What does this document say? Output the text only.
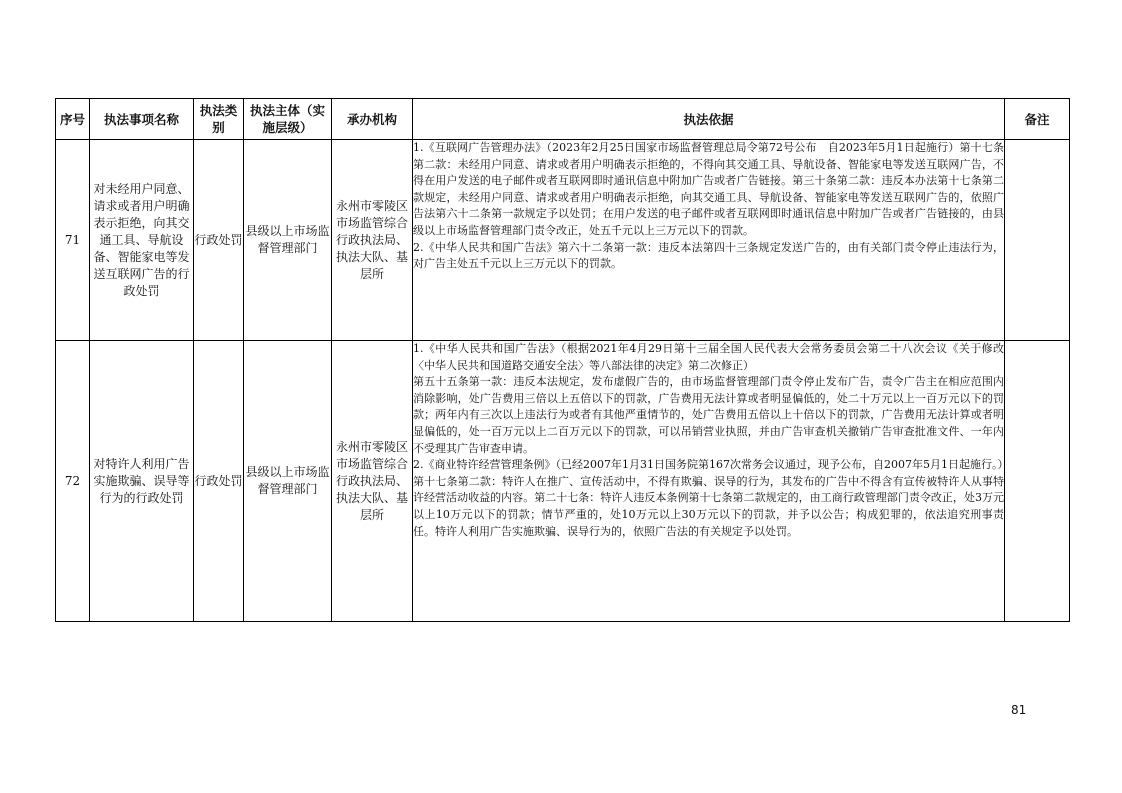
序号	执法事项名称	执法类别	执法主体（实施层级）	承办机构	执法依据	备注
71	对未经用户同意、请求或者用户明确表示拒绝，向其交通工具、导航设备、智能家电等发送互联网广告的行政处罚	行政处罚	县级以上市场监督管理部门	永州市零陵区市场监管综合行政执法局、执法大队、基层所	1.《互联网广告管理办法》（2023年2月25日国家市场监督管理总局令第72号公布　自2023年5月1日起施行）第十七条第二款：未经用户同意、请求或者用户明确表示拒绝的，不得向其交通工具、导航设备、智能家电等发送互联网广告，不得在用户发送的电子邮件或者互联网即时通讯信息中附加广告或者广告链接。第三十条第二款：违反本办法第十七条第二款规定，未经用户同意、请求或者用户明确表示拒绝，向其交通工具、导航设备、智能家电等发送互联网广告的，依照广告法第六十二条第一款规定予以处罚；在用户发送的电子邮件或者互联网即时通讯信息中附加广告或者广告链接的，由县级以上市场监督管理部门责令改正，处五千元以上三万元以下的罚款。

2.《中华人民共和国广告法》第六十二条第一款：违反本法第四十三条规定发送广告的，由有关部门责令停止违法行为，对广告主处五千元以上三万元以下的罚款。	

72	对特许人利用广告实施欺骗、误导等行为的行政处罚	行政处罚	县级以上市场监督管理部门	永州市零陵区市场监管综合行政执法局、执法大队、基层所	1.《中华人民共和国广告法》（根据2021年4月29日第十三届全国人民代表大会常务委员会第二十八次会议《关于修改〈中华人民共和国道路交通安全法〉等八部法律的决定》第二次修正）

第五十五条第一款：违反本法规定，发布虚假广告的，由市场监督管理部门责令停止发布广告，责令广告主在相应范围内消除影响，处广告费用三倍以上五倍以下的罚款，广告费用无法计算或者明显偏低的，处二十万元以上一百万元以下的罚款；两年内有三次以上违法行为或者有其他严重情节的，处广告费用五倍以上十倍以下的罚款，广告费用无法计算或者明显偏低的，处一百万元以上二百万元以下的罚款，可以吊销营业执照，并由广告审查机关撤销广告审查批准文件、一年内不受理其广告审查申请。

2.《商业特许经营管理条例》（已经2007年1月31日国务院第167次常务会议通过，现予公布，自2007年5月1日起施行。）

第十七条第二款：特许人在推广、宣传活动中，不得有欺骗、误导的行为，其发布的广告中不得含有宣传被特许人从事特许经营活动收益的内容。第二十七条：特许人违反本条例第十七条第二款规定的，由工商行政管理部门责令改正，处3万元以上10万元以下的罚款；情节严重的，处10万元以上30万元以下的罚款，并予以公告；构成犯罪的，依法追究刑事责任。特许人利用广告实施欺骗、误导行为的，依照广告法的有关规定予以处罚。	

81
